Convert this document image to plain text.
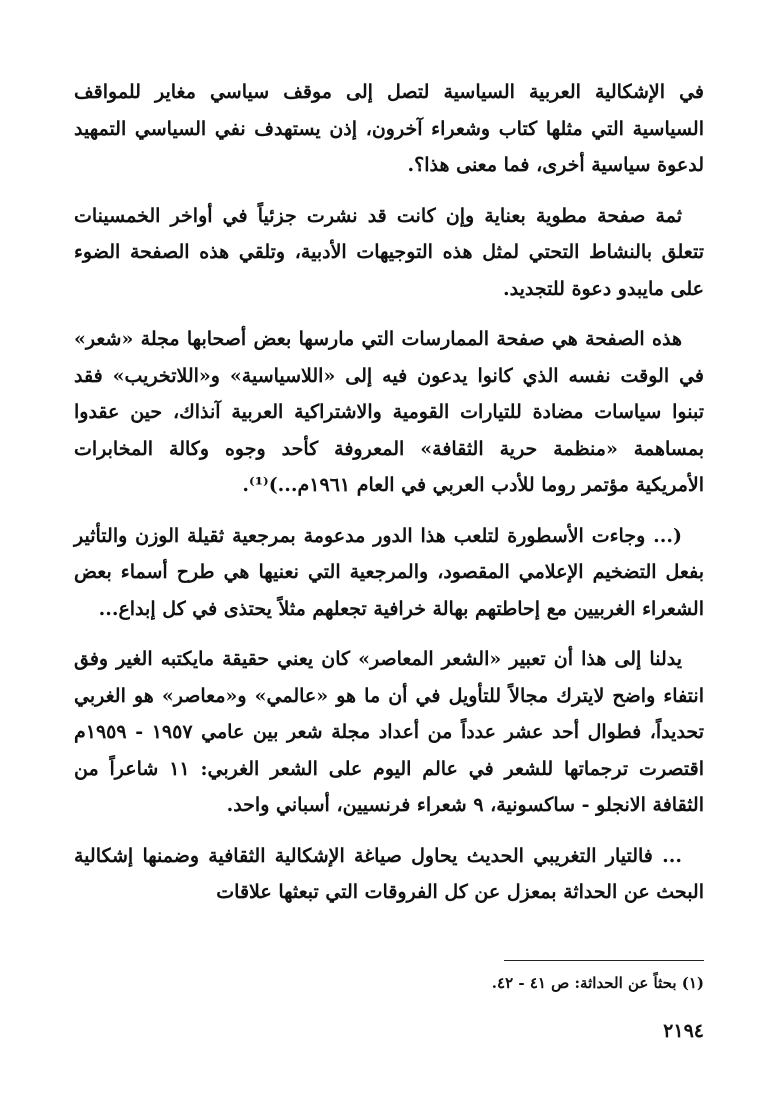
في الإشكالية العربية السياسية لتصل إلى موقف سياسي مغاير للمواقف السياسية التي مثلها كتاب وشعراء آخرون، إذن يستهدف نفي السياسي التمهيد لدعوة سياسية أخرى، فما معنى هذا؟.

ثمة صفحة مطوية بعناية وإن كانت قد نشرت جزئياً في أواخر الخمسينات تتعلق بالنشاط التحتي لمثل هذه التوجيهات الأدبية، وتلقي هذه الصفحة الضوء على مايبدو دعوة للتجديد.

هذه الصفحة هي صفحة الممارسات التي مارسها بعض أصحابها مجلة «شعر» في الوقت نفسه الذي كانوا يدعون فيه إلى «اللاسياسية» و«اللاتخريب» فقد تبنوا سياسات مضادة للتيارات القومية والاشتراكية العربية آنذاك، حين عقدوا بمساهمة «منظمة حرية الثقافة» المعروفة كأحد وجوه وكالة المخابرات الأمريكية مؤتمر روما للأدب العربي في العام ١٩٦١م...)⁽¹⁾.

(... وجاءت الأسطورة لتلعب هذا الدور مدعومة بمرجعية ثقيلة الوزن والتأثير بفعل التضخيم الإعلامي المقصود، والمرجعية التي نعنيها هي طرح أسماء بعض الشعراء الغربيين مع إحاطتهم بهالة خرافية تجعلهم مثلاً يحتذى في كل إبداع...

يدلنا إلى هذا أن تعبير «الشعر المعاصر» كان يعني حقيقة مايكتبه الغير وفق انتفاء واضح لايترك مجالاً للتأويل في أن ما هو «عالمي» و«معاصر» هو الغربي تحديداً، فطوال أحد عشر عدداً من أعداد مجلة شعر بين عامي ١٩٥٧ - ١٩٥٩م اقتصرت ترجماتها للشعر في عالم اليوم على الشعر الغربي: ١١ شاعراً من الثقافة الانجلو - ساكسونية، ٩ شعراء فرنسيين، أسباني واحد.

... فالتيار التغريبي الحديث يحاول صياغة الإشكالية الثقافية وضمنها إشكالية البحث عن الحداثة بمعزل عن كل الفروقات التي تبعثها علاقات

(١) بحثاً عن الحداثة: ص ٤١ - ٤٢.
٢١٩٤
